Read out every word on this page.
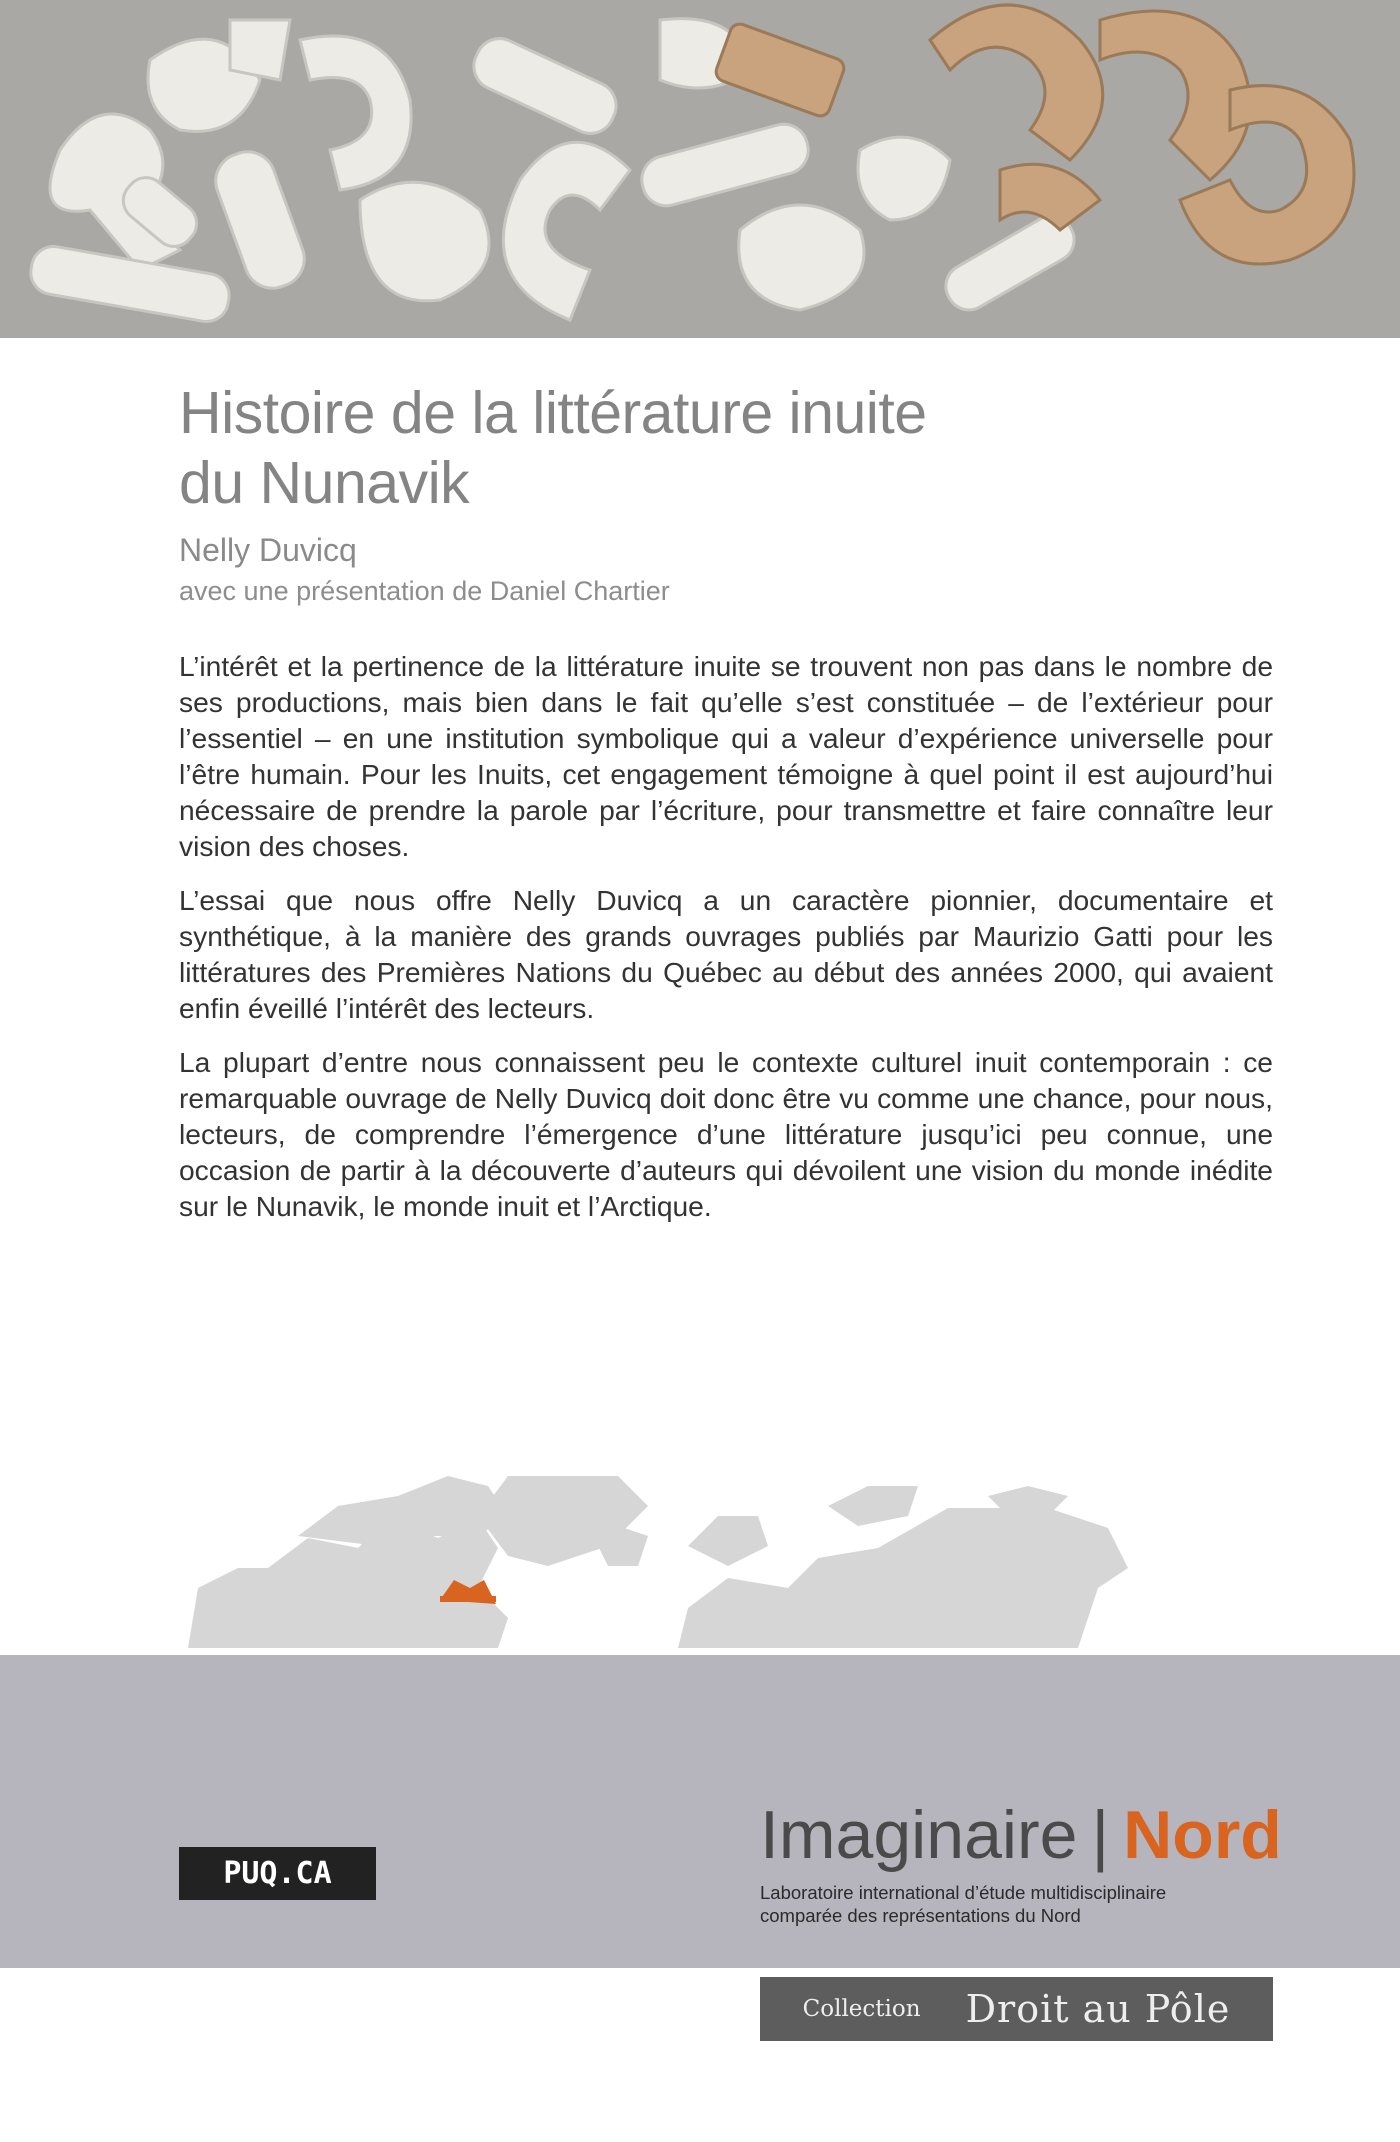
Histoire de la littérature inuite
du Nunavik
Nelly Duvicq
avec une présentation de Daniel Chartier

L’intérêt et la pertinence de la littérature inuite se trouvent non pas dans le nombre de ses productions, mais bien dans le fait qu’elle s’est constituée – de l’extérieur pour l’essentiel – en une institution symbolique qui a valeur d’expérience universelle pour l’être humain. Pour les Inuits, cet engagement témoigne à quel point il est aujourd’hui nécessaire de prendre la parole par l’écriture, pour transmettre et faire connaître leur vision des choses.

L’essai que nous offre Nelly Duvicq a un caractère pionnier, documentaire et synthétique, à la manière des grands ouvrages publiés par Maurizio Gatti pour les littératures des Premières Nations du Québec au début des années 2000, qui avaient enfin éveillé l’intérêt des lecteurs.

La plupart d’entre nous connaissent peu le contexte culturel inuit contemporain : ce remarquable ouvrage de Nelly Duvicq doit donc être vu comme une chance, pour nous, lecteurs, de comprendre l’émergence d’une littérature jusqu’ici peu connue, une occasion de partir à la découverte d’auteurs qui dévoilent une vision du monde inédite sur le Nunavik, le monde inuit et l’Arctique.

PUQ.CA
Imaginaire | Nord
Laboratoire international d’étude multidisciplinaire
comparée des représentations du Nord
Collection Droit au Pôle
